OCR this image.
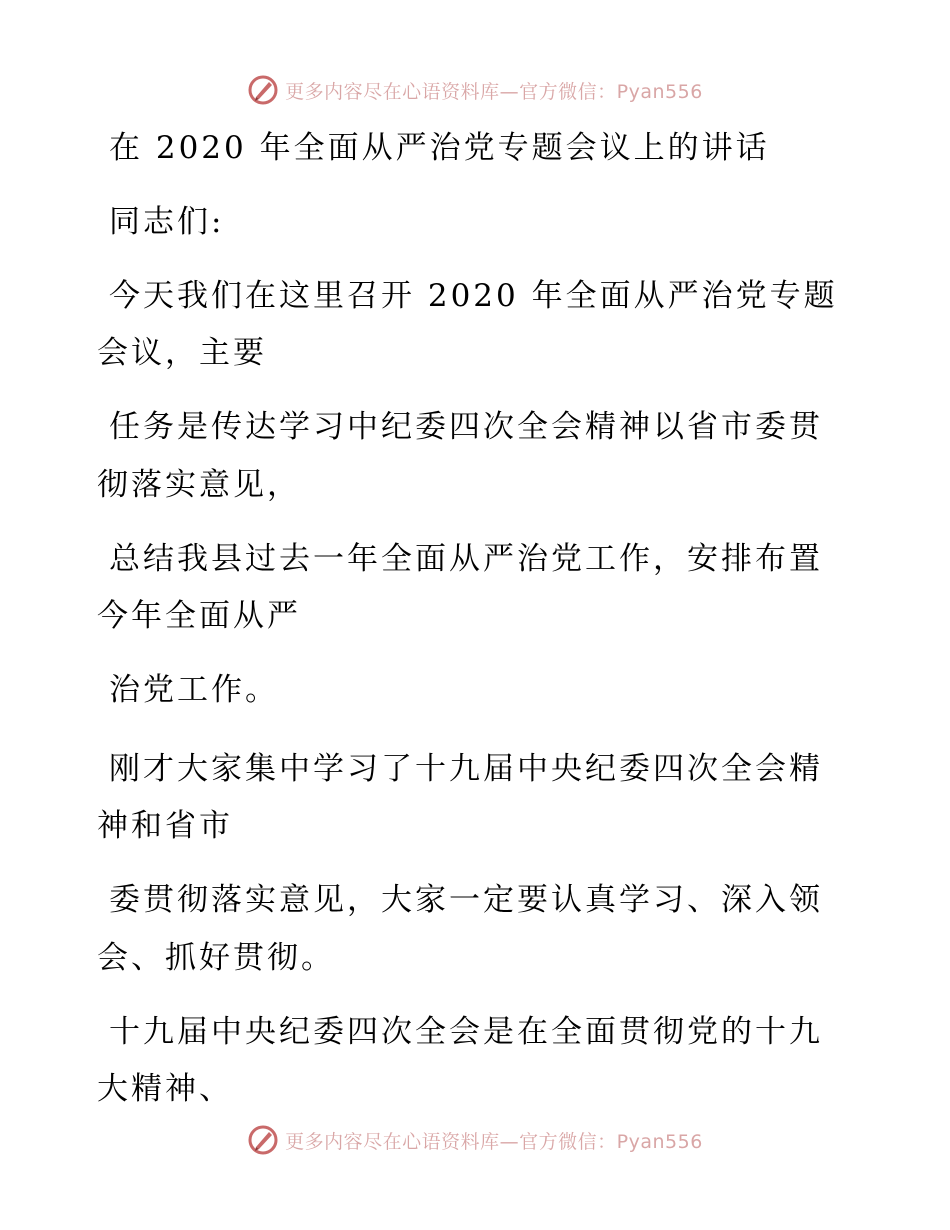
更多内容尽在心语资料库—官方微信：Pyan556
在 2020 年全面从严治党专题会议上的讲话
同志们:
今天我们在这里召开 2020 年全面从严治党专题
会议，主要
任务是传达学习中纪委四次全会精神以省市委贯
彻落实意见，
总结我县过去一年全面从严治党工作，安排布置
今年全面从严
治党工作。
刚才大家集中学习了十九届中央纪委四次全会精
神和省市
委贯彻落实意见，大家一定要认真学习、深入领
会、抓好贯彻。
十九届中央纪委四次全会是在全面贯彻党的十九
大精神、
更多内容尽在心语资料库—官方微信：Pyan556
